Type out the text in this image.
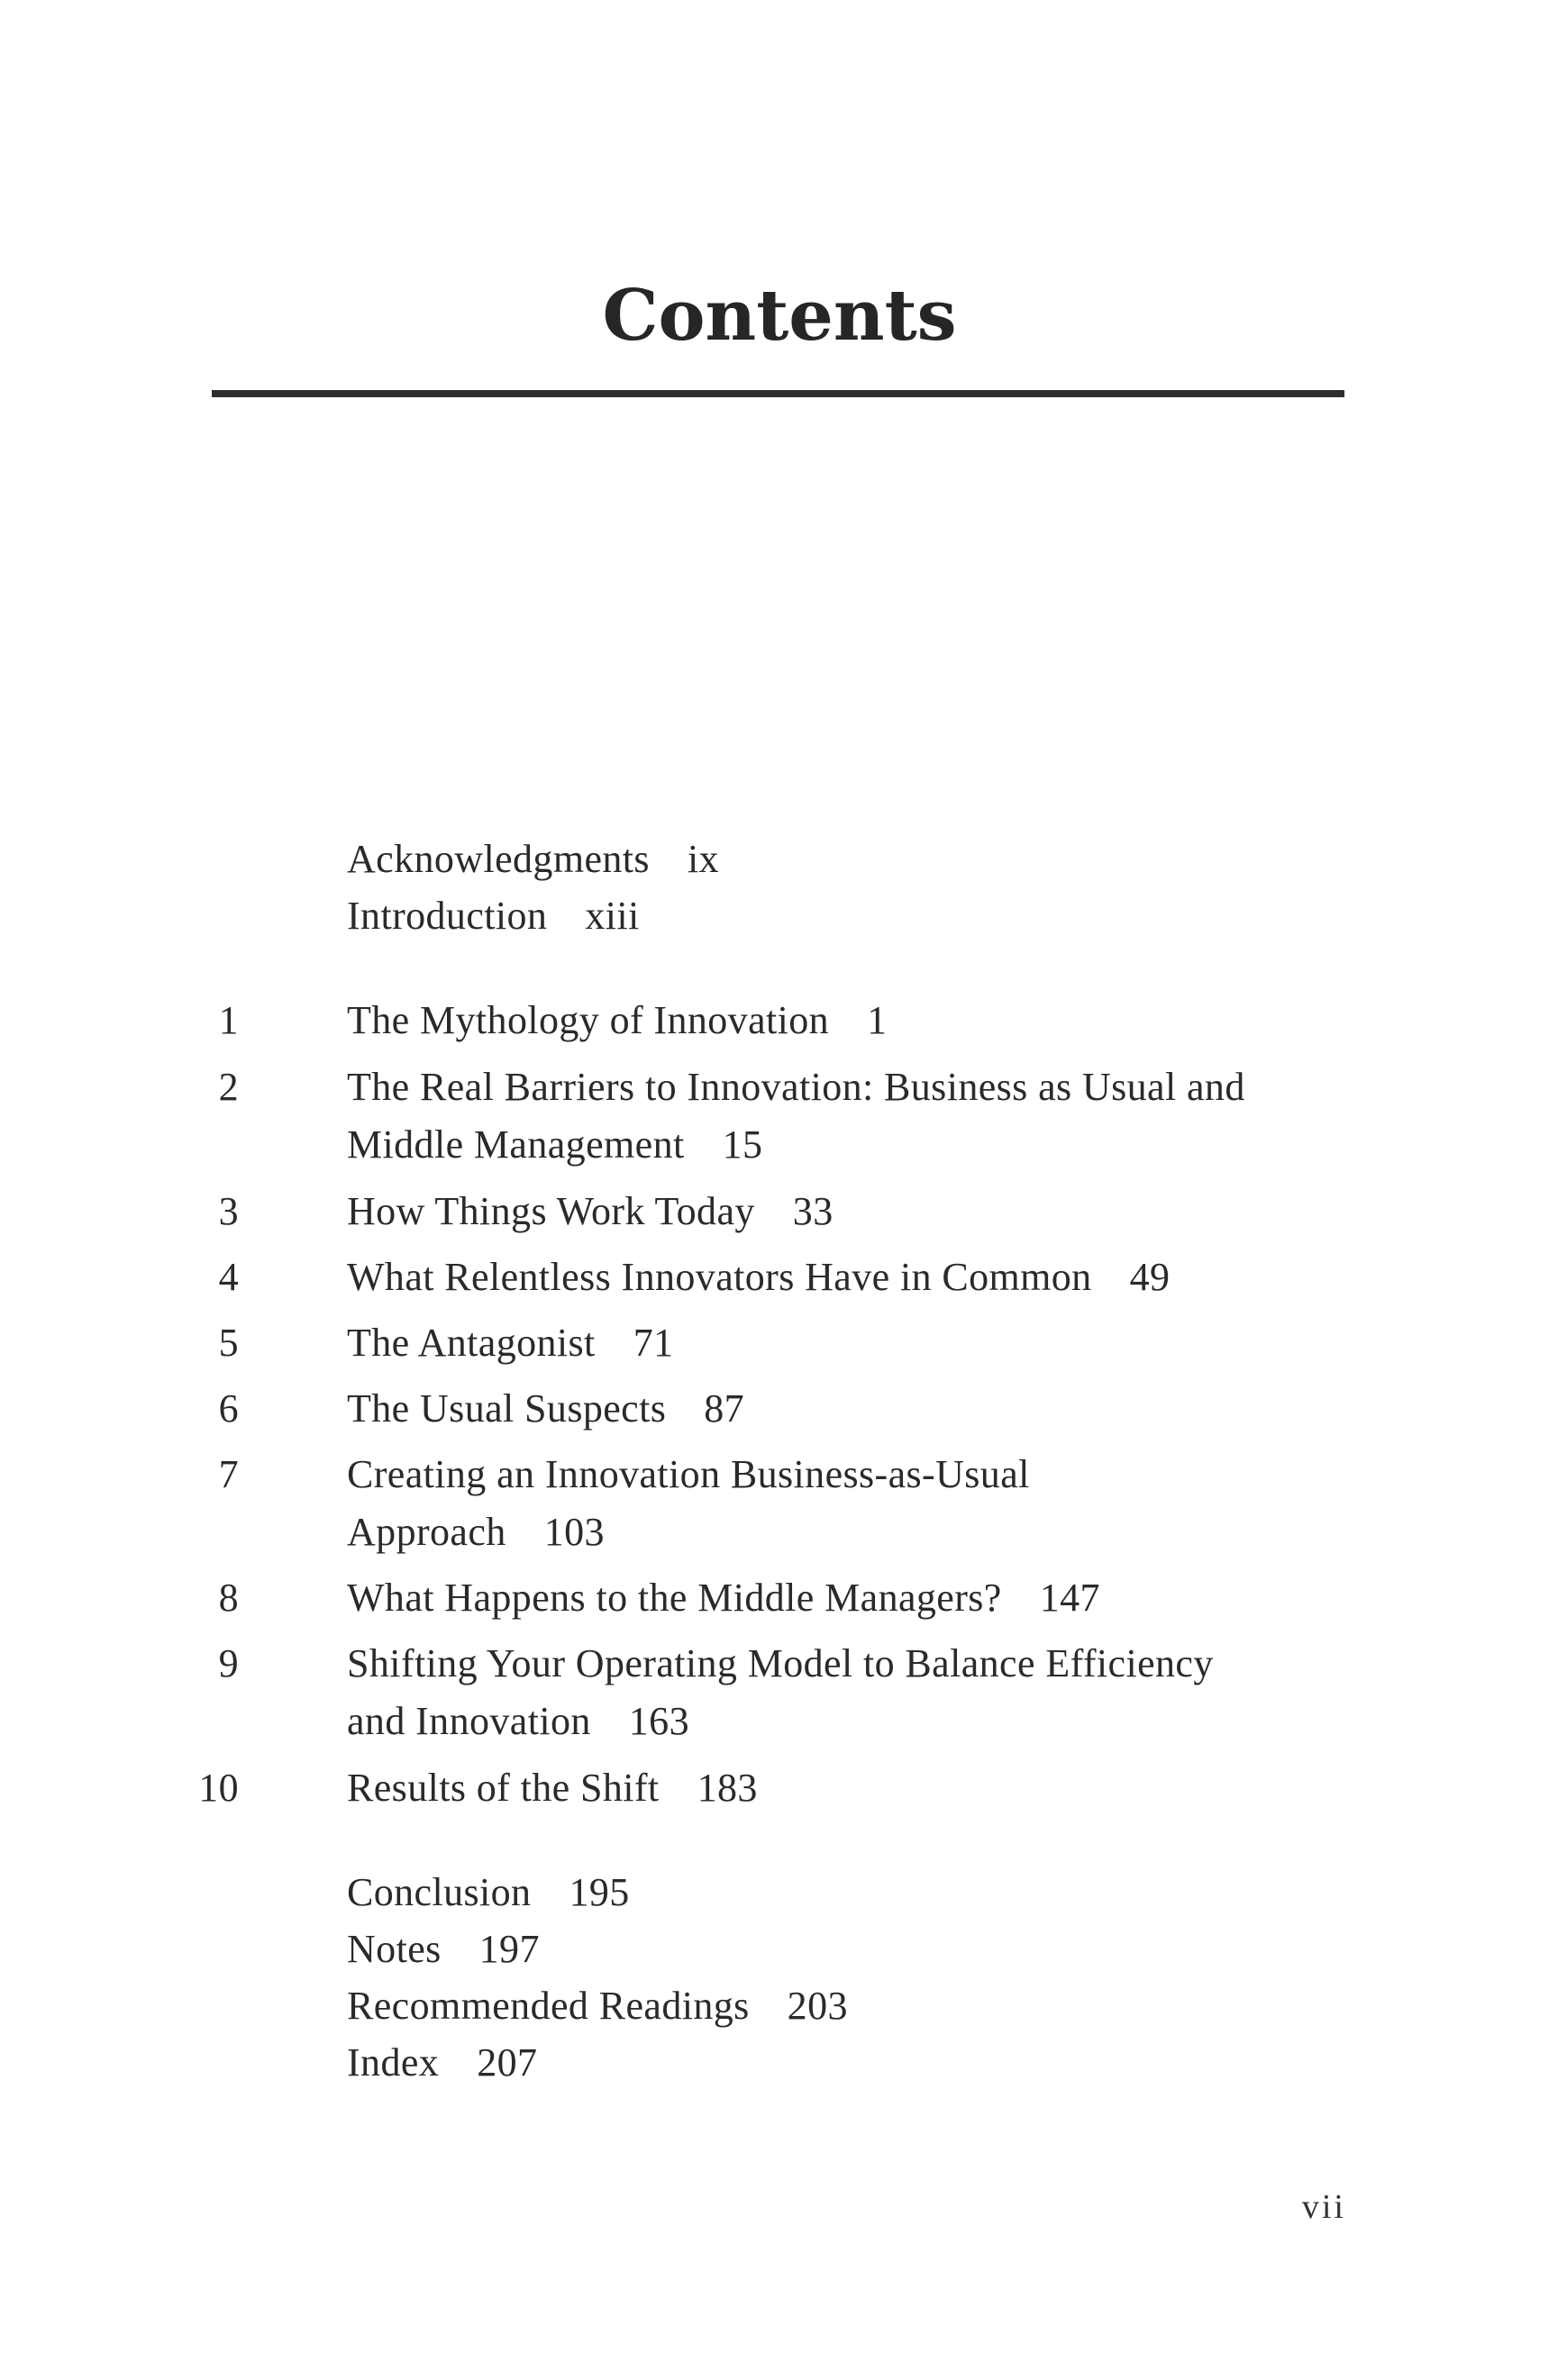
Contents
Acknowledgments ix
Introduction xiii
1	The Mythology of Innovation 1
2	The Real Barriers to Innovation: Business as Usual and
Middle Management 15
3	How Things Work Today 33
4	What Relentless Innovators Have in Common 49
5	The Antagonist 71
6	The Usual Suspects 87
7	Creating an Innovation Business-as-Usual
Approach 103
8	What Happens to the Middle Managers? 147
9	Shifting Your Operating Model to Balance Efficiency
and Innovation 163
10	Results of the Shift 183
Conclusion 195
Notes 197
Recommended Readings 203
Index 207
vii
